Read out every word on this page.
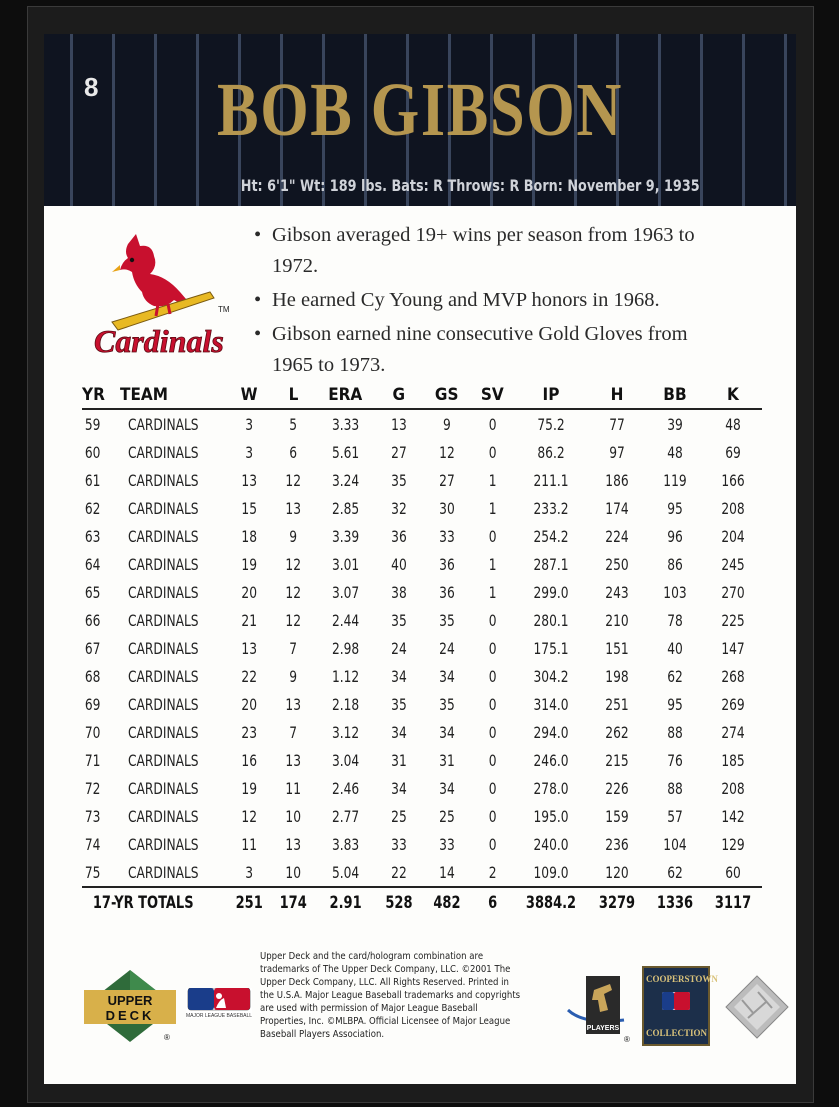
8	BOB GIBSON
Ht: 6'1" Wt: 189 lbs. Bats: R Throws: R Born: November 9, 1935
Cardinals
TM
• Gibson averaged 19+ wins per season from 1963 to 1972.
• He earned Cy Young and MVP honors in 1968.
• Gibson earned nine consecutive Gold Gloves from 1965 to 1973.
YR	TEAM	W	L	ERA	G	GS	SV	IP	H	BB	K
59	CARDINALS	3	5	3.33	13	9	0	75.2	77	39	48
60	CARDINALS	3	6	5.61	27	12	0	86.2	97	48	69
61	CARDINALS	13	12	3.24	35	27	1	211.1	186	119	166
62	CARDINALS	15	13	2.85	32	30	1	233.2	174	95	208
63	CARDINALS	18	9	3.39	36	33	0	254.2	224	96	204
64	CARDINALS	19	12	3.01	40	36	1	287.1	250	86	245
65	CARDINALS	20	12	3.07	38	36	1	299.0	243	103	270
66	CARDINALS	21	12	2.44	35	35	0	280.1	210	78	225
67	CARDINALS	13	7	2.98	24	24	0	175.1	151	40	147
68	CARDINALS	22	9	1.12	34	34	0	304.2	198	62	268
69	CARDINALS	20	13	2.18	35	35	0	314.0	251	95	269
70	CARDINALS	23	7	3.12	34	34	0	294.0	262	88	274
71	CARDINALS	16	13	3.04	31	31	0	246.0	215	76	185
72	CARDINALS	19	11	2.46	34	34	0	278.0	226	88	208
73	CARDINALS	12	10	2.77	25	25	0	195.0	159	57	142
74	CARDINALS	11	13	3.83	33	33	0	240.0	236	104	129
75	CARDINALS	3	10	5.04	22	14	2	109.0	120	62	60
17-YR TOTALS		251	174	2.91	528	482	6	3884.2	3279	1336	3117
UPPER
DECK
®
MAJOR LEAGUE BASEBALL
Upper Deck and the card/hologram combination are trademarks of The Upper Deck Company, LLC. ©2001 The Upper Deck Company, LLC. All Rights Reserved. Printed in the U.S.A. Major League Baseball trademarks and copyrights are used with permission of Major League Baseball Properties, Inc. ©MLBPA. Official Licensee of Major League Baseball Players Association.
PLAYERS
®
COOPERSTOWN
COLLECTION
